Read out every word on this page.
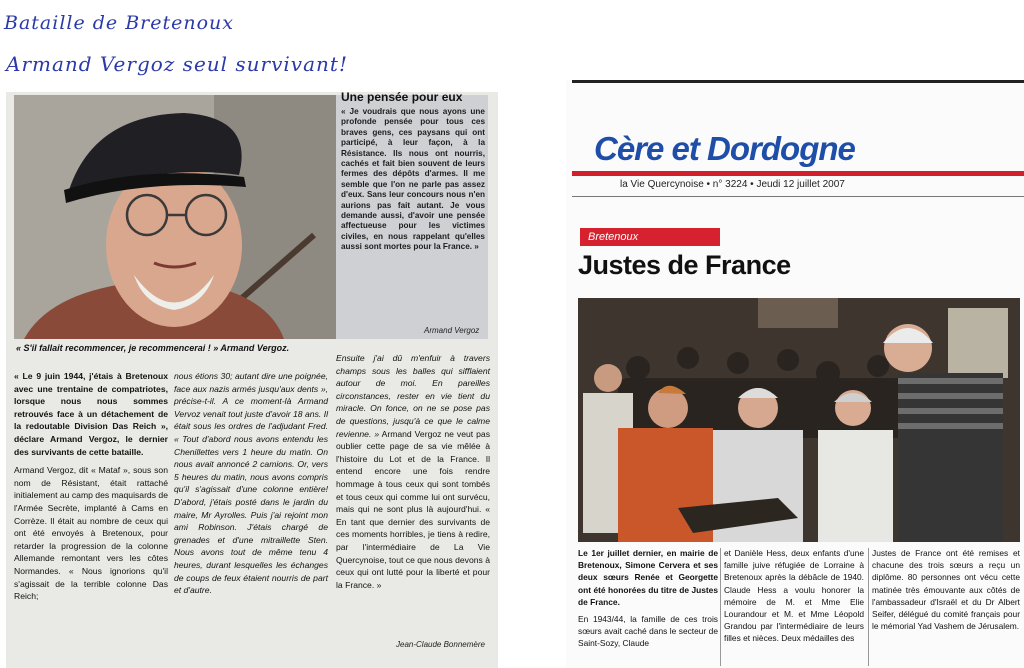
Bataille de Bretenoux
Armand Vergoz seul survivant!
Une pensée pour eux
« Je voudrais que nous ayons une profonde pensée pour tous ces braves gens, ces paysans qui ont participé, à leur façon, à la Résistance. Ils nous ont nourris, cachés et fait bien souvent de leurs fermes des dépôts d'armes. Il me semble que l'on ne parle pas assez d'eux. Sans leur concours nous n'en aurions pas fait autant. Je vous demande aussi, d'avoir une pensée affectueuse pour les victimes civiles, en nous rappelant qu'elles aussi sont mortes pour la France. »
Armand Vergoz
« S'il fallait recommencer, je recommencerai ! » Armand Vergoz.
« Le 9 juin 1944, j'étais à Bretenoux avec une trentaine de compatriotes, lorsque nous nous sommes retrouvés face à un détachement de la redoutable Division Das Reich », déclare Armand Vergoz, le dernier des survivants de cette bataille.
Armand Vergoz, dit « Mataf », sous son nom de Résistant, était rattaché initialement au camp des maquisards de l'Armée Secrète, implanté à Cams en Corrèze. Il était au nombre de ceux qui ont été envoyés à Bretenoux, pour retarder la progression de la colonne Allemande remontant vers les côtes Normandes. « Nous ignorions qu'il s'agissait de la terrible colonne Das Reich;
nous étions 30; autant dire une poignée, face aux nazis armés jusqu'aux dents », précise-t-il. A ce moment-là Armand Vervoz venait tout juste d'avoir 18 ans. Il était sous les ordres de l'adjudant Fred. « Tout d'abord nous avons entendu les Chenillettes vers 1 heure du matin. On nous avait annoncé 2 camions. Or, vers 5 heures du matin, nous avons compris qu'il s'agissait d'une colonne entière! D'abord, j'étais posté dans le jardin du maire, Mr Ayrolles. Puis j'ai rejoint mon ami Robinson. J'étais chargé de grenades et d'une mitraillette Sten. Nous avons tout de même tenu 4 heures, durant lesquelles les échanges de coups de feux étaient nourris de part et d'autre.
Ensuite j'ai dû m'enfuir à travers champs sous les balles qui sifflaient autour de moi. En pareilles circonstances, rester en vie tient du miracle. On fonce, on ne se pose pas de questions, jusqu'à ce que le calme revienne. » Armand Vergoz ne veut pas oublier cette page de sa vie mêlée à l'histoire du Lot et de la France. Il entend encore une fois rendre hommage à tous ceux qui sont tombés et tous ceux qui comme lui ont survécu, mais qui ne sont plus là aujourd'hui. « En tant que dernier des survivants de ces moments horribles, je tiens à redire, par l'intermédiaire de La Vie Quercynoise, tout ce que nous devons à ceux qui ont lutté pour la liberté et pour la France. »
Jean-Claude Bonnemère
Cère et Dordogne
la Vie Quercynoise • n° 3224 • Jeudi 12 juillet 2007
Bretenoux
Justes de France
Le 1er juillet dernier, en mairie de Bretenoux, Simone Cervera et ses deux sœurs Renée et Georgette ont été honorées du titre de Justes de France.
En 1943/44, la famille de ces trois sœurs avait caché dans le secteur de Saint-Sozy, Claude
et Danièle Hess, deux enfants d'une famille juive réfugiée de Lorraine à Bretenoux après la débâcle de 1940. Claude Hess a voulu honorer la mémoire de M. et Mme Elie Lourandour et M. et Mme Léopold Grandou par l'intermédiaire de leurs filles et nièces. Deux médailles des
Justes de France ont été remises et chacune des trois sœurs a reçu un diplôme. 80 personnes ont vécu cette matinée très émouvante aux côtés de l'ambassadeur d'Israël et du Dr Albert Seifer, délégué du comité français pour le mémorial Yad Vashem de Jérusalem.
